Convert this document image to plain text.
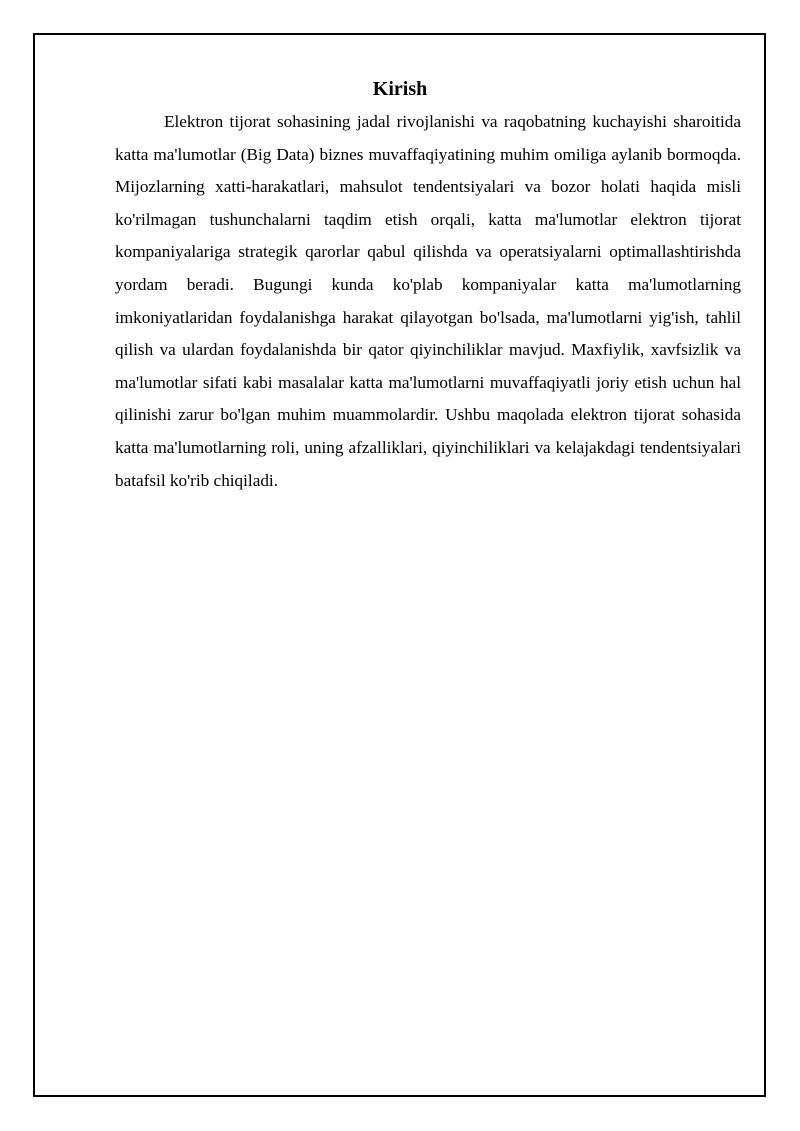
Kirish

Elektron tijorat sohasining jadal rivojlanishi va raqobatning kuchayishi sharoitida katta ma'lumotlar (Big Data) biznes muvaffaqiyatining muhim omiliga aylanib bormoqda. Mijozlarning xatti-harakatlari, mahsulot tendentsiyalari va bozor holati haqida misli ko'rilmagan tushunchalarni taqdim etish orqali, katta ma'lumotlar elektron tijorat kompaniyalariga strategik qarorlar qabul qilishda va operatsiyalarni optimallashtirishda yordam beradi. Bugungi kunda ko'plab kompaniyalar katta ma'lumotlarning imkoniyatlaridan foydalanishga harakat qilayotgan bo'lsada, ma'lumotlarni yig'ish, tahlil qilish va ulardan foydalanishda bir qator qiyinchiliklar mavjud. Maxfiylik, xavfsizlik va ma'lumotlar sifati kabi masalalar katta ma'lumotlarni muvaffaqiyatli joriy etish uchun hal qilinishi zarur bo'lgan muhim muammolardir. Ushbu maqolada elektron tijorat sohasida katta ma'lumotlarning roli, uning afzalliklari, qiyinchiliklari va kelajakdagi tendentsiyalari batafsil ko'rib chiqiladi.
